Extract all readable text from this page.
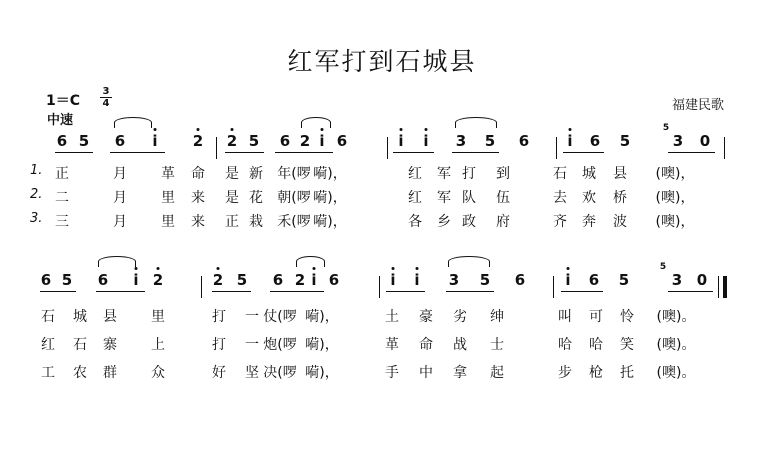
红军打到石城县
1＝C
3
4
中速
福建民歌
6 5 6 i 2 2 5 6 2 i 6	i i 3 5 6	i 6 5	3 0
5
1. 正	月 革 命 是 新 年(啰 嗬)，	红 军 打 到	石 城 县 (噢)，
2. 二	月 里 来 是 花 朝(啰 嗬)，	红 军 队 伍	去 欢 桥 (噢)，
3. 三	月 里 来 正 栽 禾(啰 嗬)，	各 乡 政 府	齐 奔 波 (噢)，
6 5 6 i 2	2 5 6 2 i 6	i i 3 5 6	i 6 5	3 0
5
石 城 县 里	打 一 仗(啰 嗬)，	土 豪 劣 绅	叫 可 怜 (噢)。
红 石 寨 上	打 一 炮(啰 嗬)，	革 命 战 士	哈 哈 笑 (噢)。
工 农 群 众	好 坚 决(啰 嗬)，	手 中 拿 起	步 枪 托 (噢)。
